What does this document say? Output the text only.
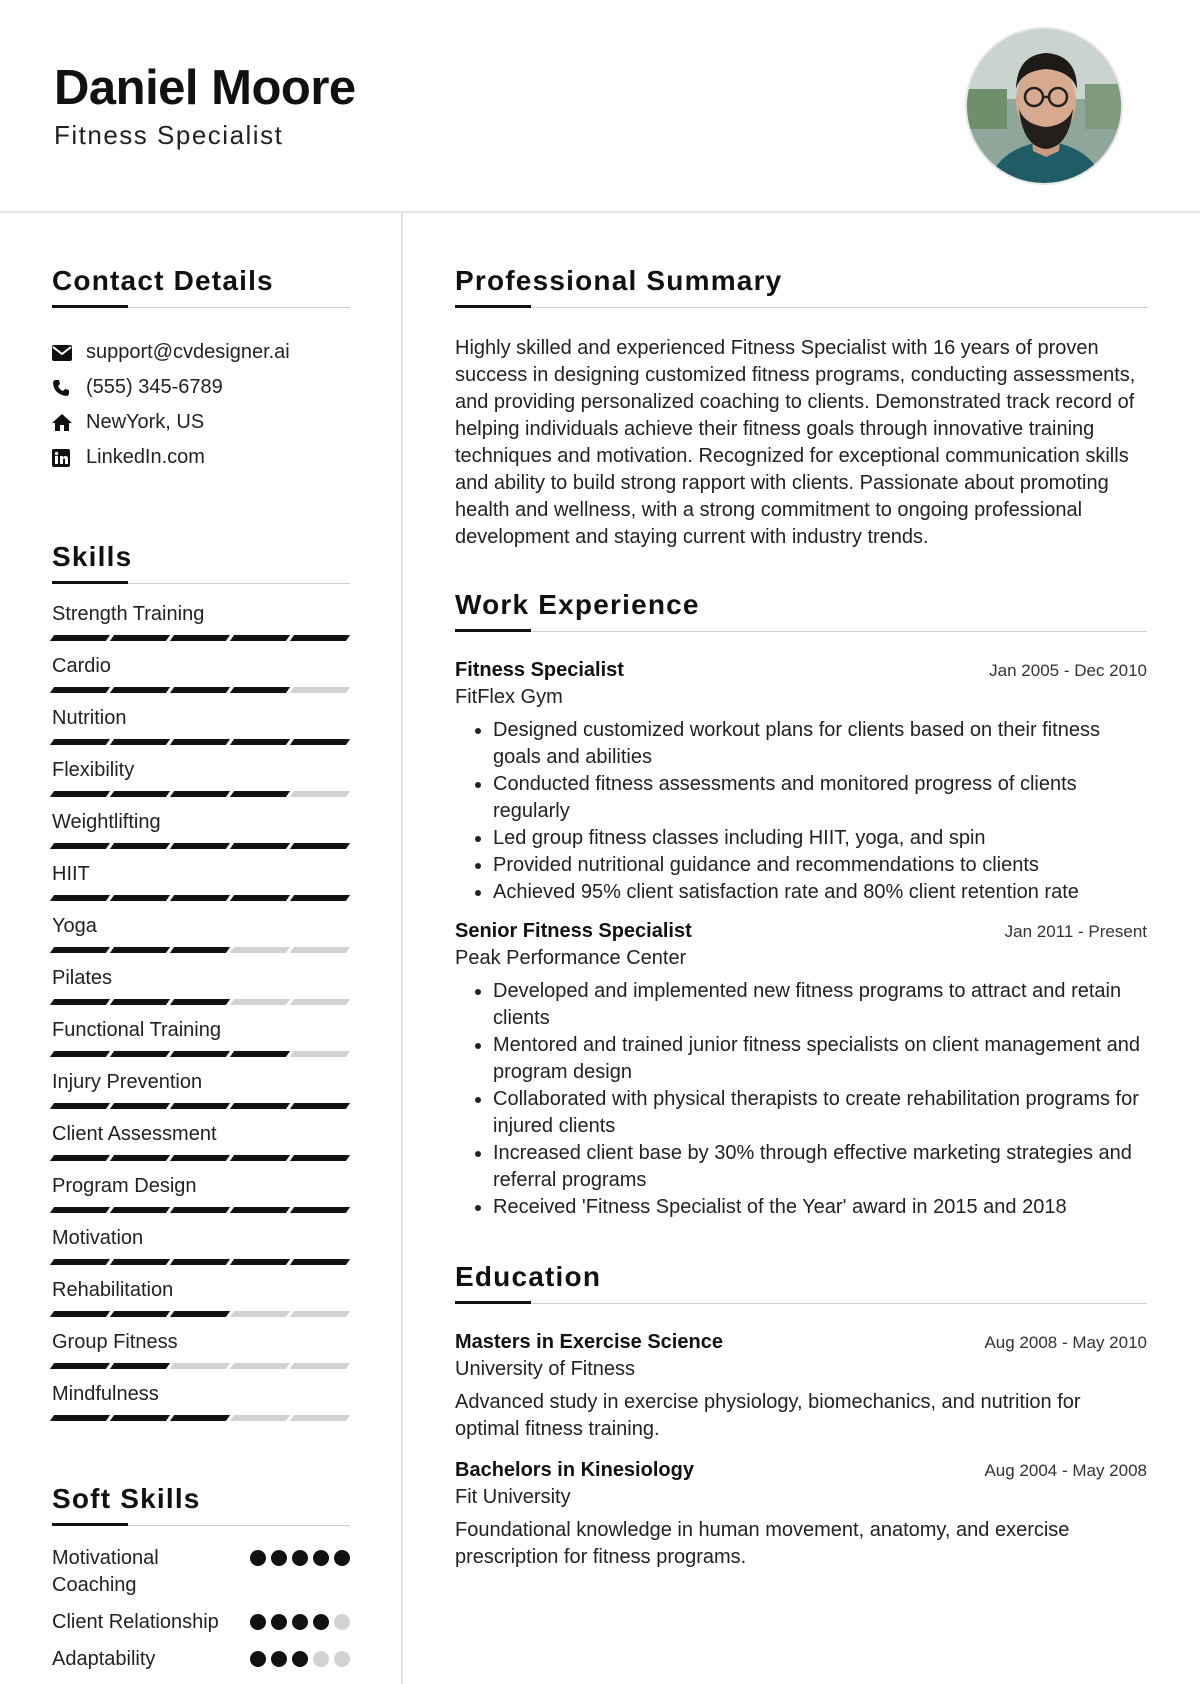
Daniel Moore
Fitness Specialist
Contact Details
support@cvdesigner.ai
(555) 345-6789
NewYork, US
LinkedIn.com
Skills
Strength Training
Cardio
Nutrition
Flexibility
Weightlifting
HIIT
Yoga
Pilates
Functional Training
Injury Prevention
Client Assessment
Program Design
Motivation
Rehabilitation
Group Fitness
Mindfulness
Soft Skills
Motivational Coaching
Client Relationship
Adaptability
Professional Summary

Highly skilled and experienced Fitness Specialist with 16 years of proven success in designing customized fitness programs, conducting assessments, and providing personalized coaching to clients. Demonstrated track record of helping individuals achieve their fitness goals through innovative training techniques and motivation. Recognized for exceptional communication skills and ability to build strong rapport with clients. Passionate about promoting health and wellness, with a strong commitment to ongoing professional development and staying current with industry trends.

Work Experience
Fitness Specialist	Jan 2005 - Dec 2010
FitFlex Gym
• Designed customized workout plans for clients based on their fitness goals and abilities
• Conducted fitness assessments and monitored progress of clients regularly
• Led group fitness classes including HIIT, yoga, and spin
• Provided nutritional guidance and recommendations to clients
• Achieved 95% client satisfaction rate and 80% client retention rate
Senior Fitness Specialist	Jan 2011 - Present
Peak Performance Center
• Developed and implemented new fitness programs to attract and retain clients
• Mentored and trained junior fitness specialists on client management and program design
• Collaborated with physical therapists to create rehabilitation programs for injured clients
• Increased client base by 30% through effective marketing strategies and referral programs
• Received 'Fitness Specialist of the Year' award in 2015 and 2018
Education
Masters in Exercise Science	Aug 2008 - May 2010
University of Fitness

Advanced study in exercise physiology, biomechanics, and nutrition for optimal fitness training.

Bachelors in Kinesiology	Aug 2004 - May 2008
Fit University

Foundational knowledge in human movement, anatomy, and exercise prescription for fitness programs.
